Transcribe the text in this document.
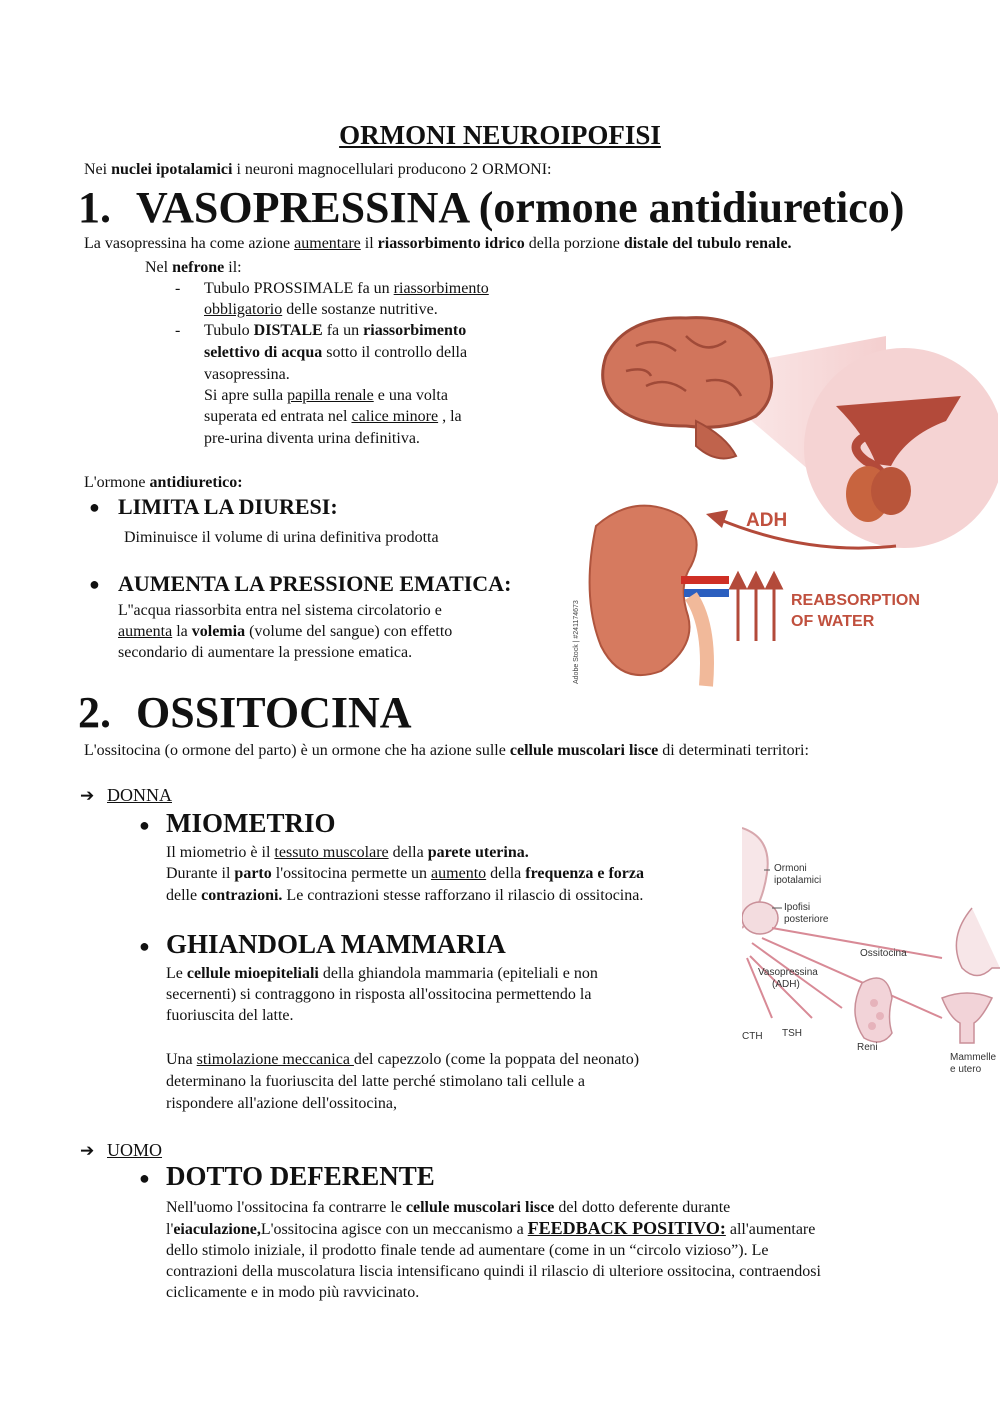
ORMONI NEUROIPOFISI
Nei nuclei ipotalamici i neuroni magnocellulari producono 2 ORMONI:
1. VASOPRESSINA (ormone antidiuretico)
La vasopressina ha come azione aumentare il riassorbimento idrico della porzione distale del tubulo renale.
Nel nefrone il:
- Tubulo PROSSIMALE fa un riassorbimento
obbligatorio delle sostanze nutritive.
- Tubulo DISTALE fa un riassorbimento
selettivo di acqua sotto il controllo della
vasopressina.
Si apre sulla papilla renale e una volta
superata ed entrata nel calice minore , la
pre-urina diventa urina definitiva.
L'ormone antidiuretico:
● LIMITA LA DIURESI:
Diminuisce il volume di urina definitiva prodotta
● AUMENTA LA PRESSIONE EMATICA:
L''acqua riassorbita entra nel sistema circolatorio e
aumenta la volemia (volume del sangue) con effetto
secondario di aumentare la pressione ematica.
ADH
REABSORPTION
OF WATER
Adobe Stock | #241174673
2. OSSITOCINA
L'ossitocina (o ormone del parto) è un ormone che ha azione sulle cellule muscolari lisce di determinati territori:
➔ DONNA
● MIOMETRIO
Il miometrio è il tessuto muscolare della parete uterina.
Durante il parto l'ossitocina permette un aumento della frequenza e forza
delle contrazioni. Le contrazioni stesse rafforzano il rilascio di ossitocina.
● GHIANDOLA MAMMARIA
Le cellule mioepiteliali della ghiandola mammaria (epiteliali e non
secernenti) si contraggono in risposta all'ossitocina permettendo la
fuoriuscita del latte.
Una stimolazione meccanica del capezzolo (come la poppata del neonato)
determinano la fuoriuscita del latte perché stimolano tali cellule a
rispondere all'azione dell'ossitocina,
Ormoni
ipotalamici
Ipofisi
posteriore
Ossitocina
Vasopressina
(ADH)
Reni
CTH TSH
Mammelle
e utero
➔ UOMO
● DOTTO DEFERENTE
Nell'uomo l'ossitocina fa contrarre le cellule muscolari lisce del dotto deferente durante
l'eiaculazione,L'ossitocina agisce con un meccanismo a FEEDBACK POSITIVO: all'aumentare
dello stimolo iniziale, il prodotto finale tende ad aumentare (come in un “circolo vizioso”). Le
contrazioni della muscolatura liscia intensificano quindi il rilascio di ulteriore ossitocina, contraendosi
ciclicamente e in modo più ravvicinato.
